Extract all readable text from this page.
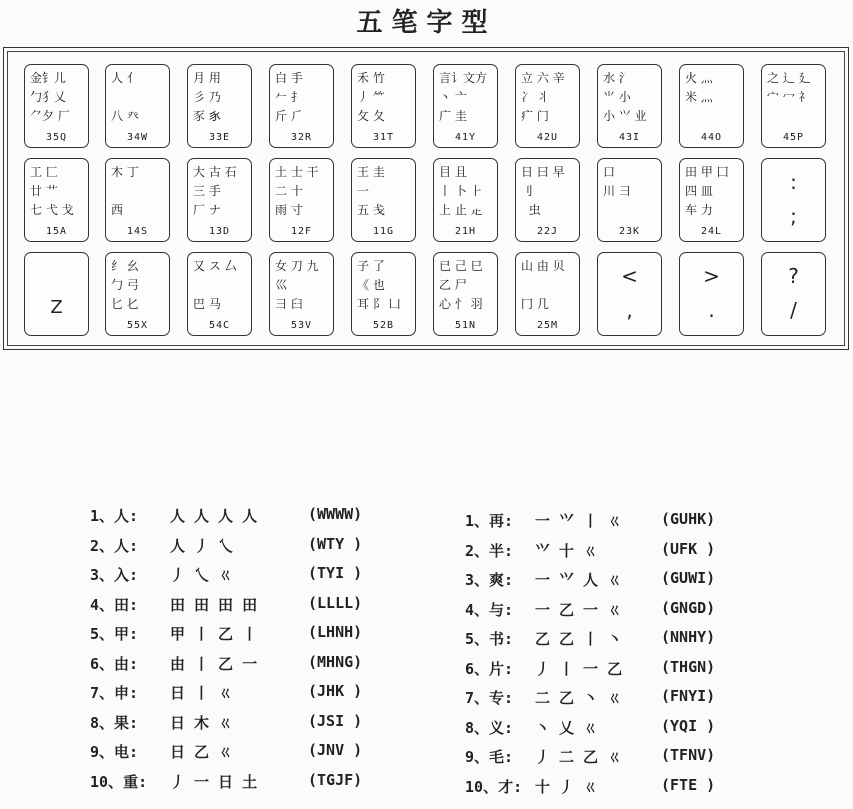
五笔字型
金钅儿
勹犭乂
⺈夕 厂
35Q
人 亻

八 癶
34W
月 用
彡 乃
豕 𧰨
33E
白 手
𠂉 扌
斤 ⺁
32R
禾 竹
丿 ⺮
攵 夂
31T
言讠文方
丶 亠
广 圭
41Y
立 六 辛
冫 丬
疒 门
42U
水 氵
⺌ 小
小 ⺍ 业
43I
火 灬
米 ⺣
44O
之 辶 廴
宀 冖 礻
45P
工 匚
廿 艹
七 弋 戈
15A
木 丁

西
14S
大 古 石
三 手
厂 ナ
13D
土 士 干
二 十
雨 寸
12F
王 圭
一
五 戋
11G
目 且
丨 卜 ⺊
上 止 龰
21H
日 曰 早
刂
虫
22J
口
川 ⺕
23K
田 甲 囗
四 皿
车 力
24L
:
;
Z
纟 幺
勹 弓
匕 𠤎
55X
又 ス 厶

巴 马
54C
女 刀 九
巛
彐 臼
53V
子 了
《 也
耳 阝 凵
52B
已 己 巳
乙 尸
心 忄 羽
51N
山 由 贝

冂 几
25M
<
,
>
.
?
/
1、人: 人 人 人 人	(WWWW)
2、人: 人 丿 乀	(WTY )
3、入: 丿 乀 ㄍ	(TYI )
4、田: 田 田 田 田	(LLLL)
5、甲: 甲 丨 乙 丨	(LHNH)
6、由: 由 丨 乙 一	(MHNG)
7、申: 日 丨 ㄍ	(JHK )
8、果: 日 木 ㄍ	(JSI )
9、电: 日 乙 ㄍ	(JNV )
10、重: 丿 一 日 土	(TGJF)
1、再: 一 ⺍ 丨 ㄍ	(GUHK)
2、半: ⺍ 十 ㄍ	(UFK )
3、爽: 一 ⺍ 人 ㄍ	(GUWI)
4、与: 一 乙 一 ㄍ	(GNGD)
5、书: 乙 乙 丨 丶	(NNHY)
6、片: 丿 丨 一 乙	(THGN)
7、专: 二 乙 丶 ㄍ	(FNYI)
8、义: 丶 乂 ㄍ	(YQI )
9、毛: 丿 二 乙 ㄍ	(TFNV)
10、才: 十 丿 ㄍ	(FTE )
